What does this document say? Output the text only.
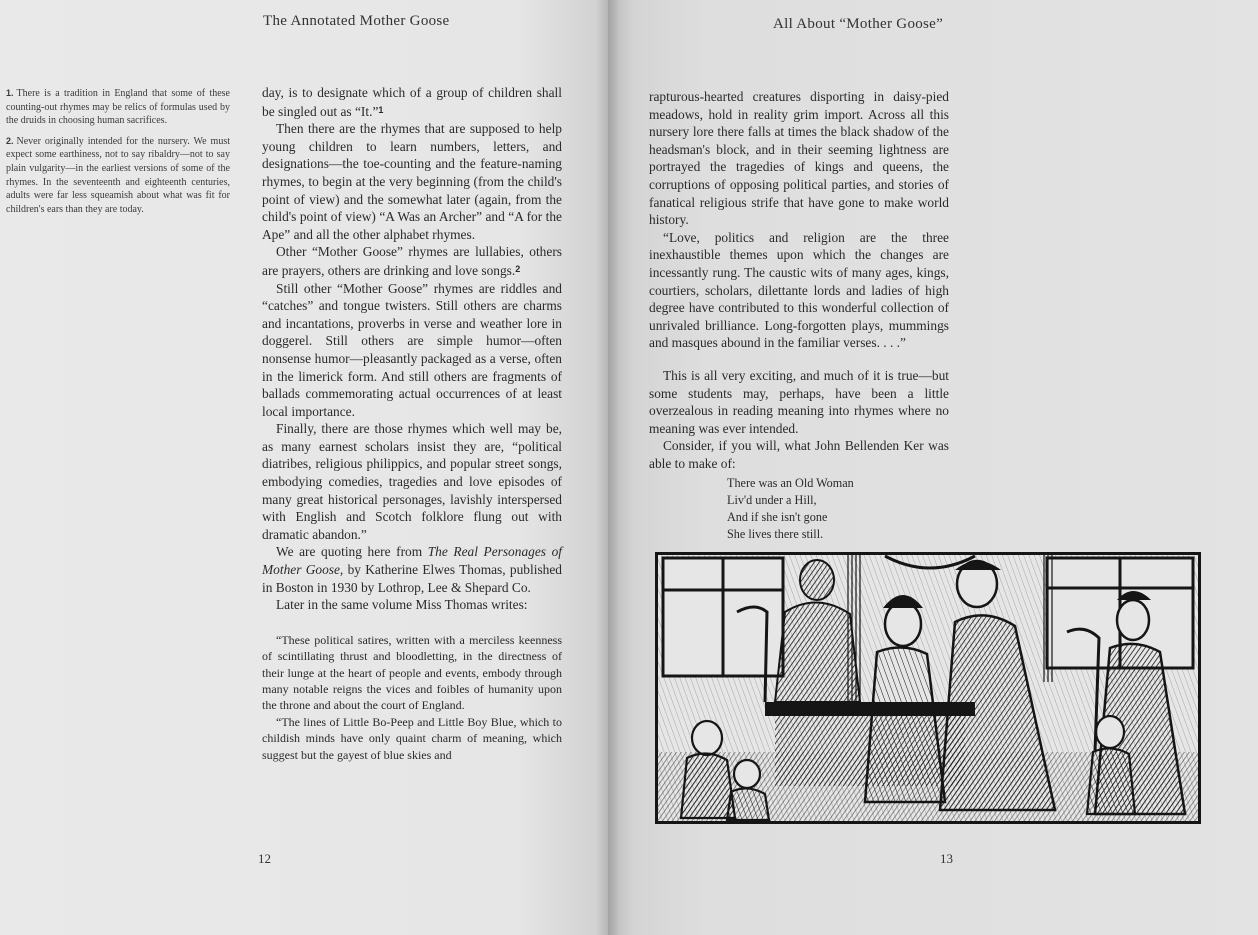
The Annotated Mother Goose

1. There is a tradition in England that some of these counting-out rhymes may be relics of formulas used by the druids in choosing human sacrifices.

2. Never originally intended for the nursery. We must expect some earthiness, not to say ribaldry—not to say plain vulgarity—in the earliest versions of some of the rhymes. In the seventeenth and eighteenth centuries, adults were far less squeamish about what was fit for children's ears than they are today.

day, is to designate which of a group of children shall be singled out as “It.”$^1$

Then there are the rhymes that are supposed to help young children to learn numbers, letters, and designations—the toe-counting and the feature-naming rhymes, to begin at the very beginning (from the child's point of view) and the somewhat later (again, from the child's point of view) “A Was an Archer” and “A for the Ape” and all the other alphabet rhymes.

Other “Mother Goose” rhymes are lullabies, others are prayers, others are drinking and love songs.$^2$

Still other “Mother Goose” rhymes are riddles and “catches” and tongue twisters. Still others are charms and incantations, proverbs in verse and weather lore in doggerel. Still others are simple humor—often nonsense humor—pleasantly packaged as a verse, often in the limerick form. And still others are fragments of ballads commemorating actual occurrences of at least local importance.

Finally, there are those rhymes which well may be, as many earnest scholars insist they are, “political diatribes, religious philippics, and popular street songs, embodying comedies, tragedies and love episodes of many great historical personages, lavishly interspersed with English and Scotch folklore flung out with dramatic abandon.”

We are quoting here from The Real Personages of Mother Goose, by Katherine Elwes Thomas, published in Boston in 1930 by Lothrop, Lee & Shepard Co.

Later in the same volume Miss Thomas writes:

“These political satires, written with a merciless keenness of scintillating thrust and bloodletting, in the directness of their lunge at the heart of people and events, embody through many notable reigns the vices and foibles of humanity upon the throne and about the court of England.

“The lines of Little Bo-Peep and Little Boy Blue, which to childish minds have only quaint charm of meaning, which suggest but the gayest of blue skies and

12
All About “Mother Goose”
13

rapturous-hearted creatures disporting in daisy-pied meadows, hold in reality grim import. Across all this nursery lore there falls at times the black shadow of the headsman's block, and in their seeming lightness are portrayed the tragedies of kings and queens, the corruptions of opposing political parties, and stories of fanatical religious strife that have gone to make world history.

“Love, politics and religion are the three inexhaustible themes upon which the changes are incessantly rung. The caustic wits of many ages, kings, courtiers, scholars, dilettante lords and ladies of high degree have contributed to this wonderful collection of unrivaled brilliance. Long-forgotten plays, mummings and masques abound in the familiar verses. . . .”

This is all very exciting, and much of it is true—but some students may, perhaps, have been a little overzealous in reading meaning into rhymes where no meaning was ever intended.

Consider, if you will, what John Bellenden Ker was able to make of:

There was an Old Woman
Liv'd under a Hill,
And if she isn't gone
She lives there still.
